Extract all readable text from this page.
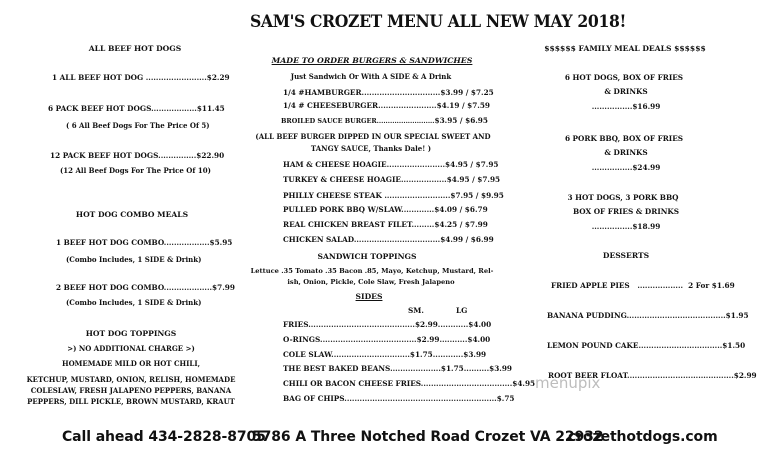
SAM'S CROZET MENU ALL NEW MAY 2018!
ALL BEEF HOT DOGS
1 ALL BEEF HOT DOG ........................$2.29
6 PACK BEEF HOT DOGS..................$11.45
( 6 All Beef Dogs For The Price Of 5)
12 PACK BEEF HOT DOGS...............$22.90
(12 All Beef Dogs For The Price Of 10)
HOT DOG COMBO MEALS
1 BEEF HOT DOG COMBO..................$5.95
(Combo Includes, 1 SIDE & Drink)
2 BEEF HOT DOG COMBO...................$7.99
(Combo Includes, 1 SIDE & Drink)
HOT DOG TOPPINGS
>) NO ADDITIONAL CHARGE >)
HOMEMADE MILD OR HOT CHILI,
KETCHUP, MUSTARD, ONION, RELISH, HOMEMADE
COLESLAW, FRESH JALAPENO PEPPERS, BANANA
PEPPERS, DILL PICKLE, BROWN MUSTARD, KRAUT
MADE TO ORDER BURGERS & SANDWICHES
Just Sandwich Or With A SIDE & A Drink
1/4 #HAMBURGER...............................$3.99 / $7.25
1/4 # CHEESEBURGER.......................$4.19 / $7.59
BROILED SAUCE BURGER..........................$3.95 / $6.95
(ALL BEEF BURGER DIPPED IN OUR SPECIAL SWEET AND
TANGY SAUCE, Thanks Dale! )
HAM & CHEESE HOAGIE.......................$4.95 / $7.95
TURKEY & CHEESE HOAGIE..................$4.95 / $7.95
PHILLY CHEESE STEAK ..........................$7.95 / $9.95
PULLED PORK BBQ W/SLAW.............$4.09 / $6.79
REAL CHICKEN BREAST FILET.........$4.25 / $7.99
CHICKEN SALAD..................................$4.99 / $6.99
SANDWICH TOPPINGS
Lettuce .35 Tomato .35 Bacon .85, Mayo, Ketchup, Mustard, Rel-
ish, Onion, Pickle, Cole Slaw, Fresh Jalapeno
SIDES
SM.	LG
FRIES..........................................$2.99............$4.00
O-RINGS......................................$2.99...........$4.00
COLE SLAW...............................$1.75............$3.99
THE BEST BAKED BEANS....................$1.75..........$3.99
CHILI OR BACON CHEESE FRIES....................................$4.95
BAG OF CHIPS............................................................$.75
$$$$$$ FAMILY MEAL DEALS $$$$$$
6 HOT DOGS, BOX OF FRIES
& DRINKS
................$16.99
6 PORK BBQ, BOX OF FRIES
& DRINKS
................$24.99
3 HOT DOGS, 3 PORK BBQ
BOX OF FRIES & DRINKS
................$18.99
DESSERTS
FRIED APPLE PIES .................. 2 For $1.69
BANANA PUDDING.......................................$1.95
LEMON POUND CAKE.................................$1.50
menupix
ROOT BEER FLOAT..........................................$2.99
Call ahead 434-2828-8705
5786 A Three Notched Road Crozet VA 22932
crozethotdogs.com
